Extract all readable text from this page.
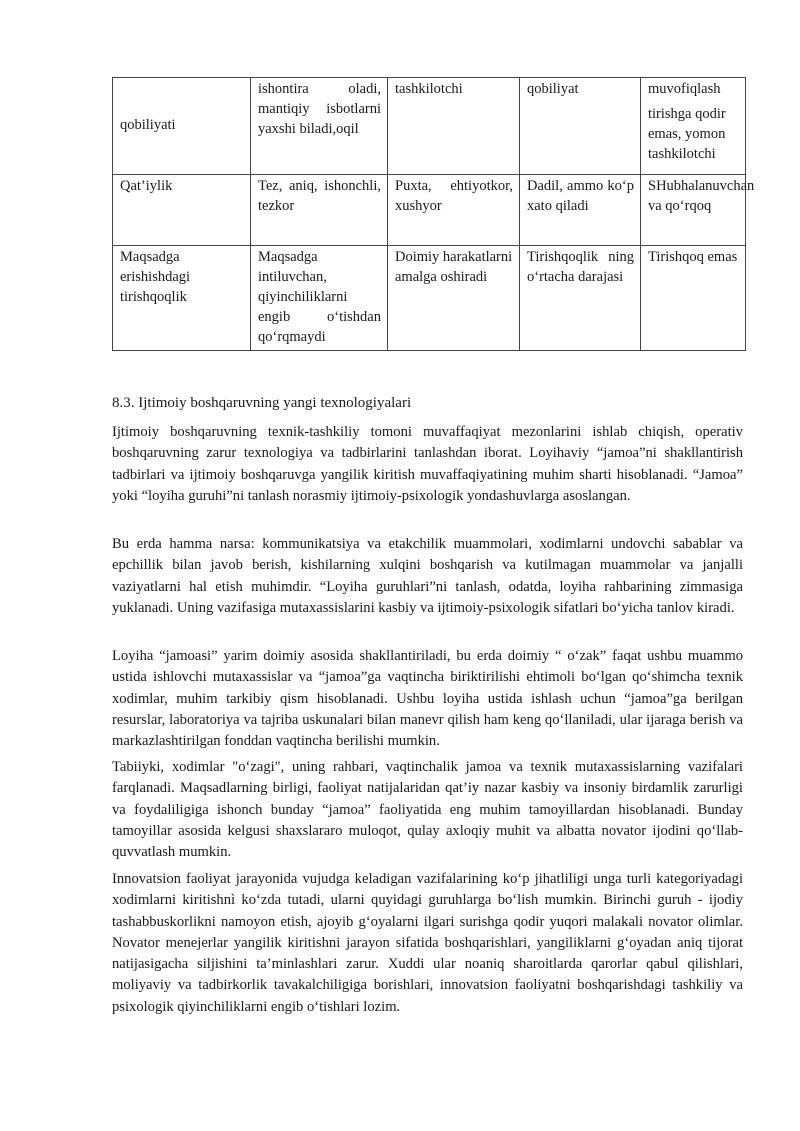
qobiliyati	ishontira oladi, mantiqiy isbotlarni yaxshi biladi,oqil	tashkilotchi	qobiliyat	muvofiqlash
tirishga qodir emas, yomon tashkilotchi

Qat’iylik	Tez, aniq, ishonchli, tezkor	Puxta, ehtiyotkor, xushyor	Dadil, ammo ko‘p xato qiladi	SHubhalanuvchan va qo‘rqoq
Maqsadga erishishdagi tirishqoqlik	Maqsadga intiluvchan, qiyinchiliklarni engib o‘tishdan qo‘rqmaydi	Doimiy harakatlarni amalga oshiradi	Tirishqoqlik ning o‘rtacha darajasi	Tirishqoq emas
8.3. Ijtimoiy boshqaruvning yangi texnologiyalari

Ijtimoiy boshqaruvning texnik-tashkiliy tomoni muvaffaqiyat mezonlarini ishlab chiqish, operativ boshqaruvning zarur texnologiya va tadbirlarini tanlashdan iborat. Loyihaviy “jamoa”ni shakllantirish tadbirlari va ijtimoiy boshqaruvga yangilik kiritish muvaffaqiyatining muhim sharti hisoblanadi. “Jamoa” yoki “loyiha guruhi”ni tanlash norasmiy ijtimoiy-psixologik yondashuvlarga asoslangan.

Bu erda hamma narsa: kommunikatsiya va etakchilik muammolari, xodimlarni undovchi sabablar va epchillik bilan javob berish, kishilarning xulqini boshqarish va kutilmagan muammolar va janjalli vaziyatlarni hal etish muhimdir. “Loyiha guruhlari”ni tanlash, odatda, loyiha rahbarining zimmasiga yuklanadi. Uning vazifasiga mutaxassislarini kasbiy va ijtimoiy-psixologik sifatlari bo‘yicha tanlov kiradi.

Loyiha “jamoasi” yarim doimiy asosida shakllantiriladi, bu erda doimiy “ o‘zak” faqat ushbu muammo ustida ishlovchi mutaxassislar va “jamoa”ga vaqtincha biriktirilishi ehtimoli bo‘lgan qo‘shimcha texnik xodimlar, muhim tarkibiy qism hisoblanadi. Ushbu loyiha ustida ishlash uchun “jamoa”ga berilgan resurslar, laboratoriya va tajriba uskunalari bilan manevr qilish ham keng qo‘llaniladi, ular ijaraga berish va markazlashtirilgan fonddan vaqtincha berilishi mumkin.

Tabiiyki, xodimlar "o‘zagi", uning rahbari, vaqtinchalik jamoa va texnik mutaxassislarning vazifalari farqlanadi. Maqsadlarning birligi, faoliyat natijalaridan qat’iy nazar kasbiy va insoniy birdamlik zarurligi va foydaliligiga ishonch bunday “jamoa” faoliyatida eng muhim tamoyillardan hisoblanadi. Bunday tamoyillar asosida kelgusi shaxslararo muloqot, qulay axloqiy muhit va albatta novator ijodini qo‘llab-quvvatlash mumkin.

Innovatsion faoliyat jarayonida vujudga keladigan vazifalarining ko‘p jihatliligi unga turli kategoriyadagi xodimlarni kiritishnì ko‘zda tutadi, ularni quyidagi guruhlarga bo‘lish mumkin. Birinchi guruh - ijodiy tashabbuskorlikni namoyon etish, ajoyib g‘oyalarni ilgari surishga qodir yuqori malakali novator olimlar. Novator menejerlar yangilik kiritishni jarayon sifatida boshqarishlari, yangiliklarni g‘oyadan aniq tijorat natijasigacha siljishini ta’minlashlari zarur. Xuddi ular noaniq sharoitlarda qarorlar qabul qilishlari, moliyaviy va tadbirkorlik tavakalchiligiga borishlari, innovatsion faoliyatni boshqarishdagi tashkiliy va psixologik qiyinchiliklarni engib o‘tishlari lozim.
